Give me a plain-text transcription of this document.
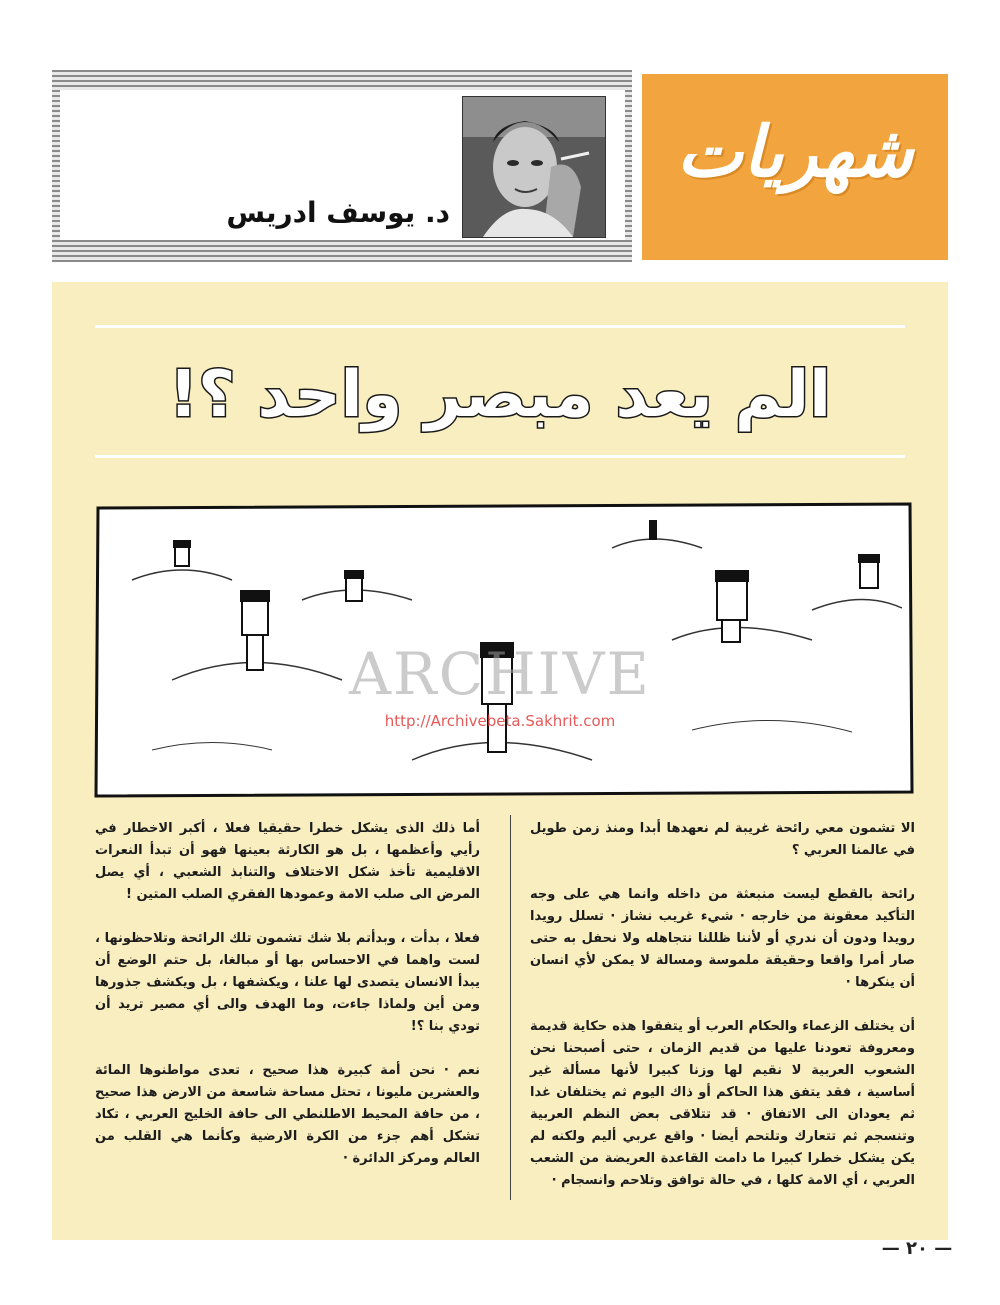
د. يوسف ادريس
شهريات
الم يعد مبصر واحد ؟!
ARCHIVE
http://Archivebeta.Sakhrit.com

الا تشمون معي رائحة غريبة لم نعهدها أبدا ومنذ زمن طويل في عالمنا العربي ؟

رائحة بالقطع ليست منبعثة من داخله وانما هي على وجه التأكيد معقونة من خارجه · شيء غريب نشاز · تسلل رويدا رويدا ودون أن ندري أو لأننا ظللنا نتجاهله ولا نحفل به حتى صار أمرا واقعا وحقيقة ملموسة ومسالة لا يمكن لأي انسان أن ينكرها ·

أن يختلف الزعماء والحكام العرب أو يتفقوا هذه حكاية قديمة ومعروفة تعودنا عليها من قديم الزمان ، حتى أصبحنا نحن الشعوب العربية لا نقيم لها وزنا كبيرا لأنها مسألة غير أساسية ، فقد يتفق هذا الحاكم أو ذاك اليوم ثم يختلفان غدا ثم يعودان الى الاتفاق · قد تتلاقى بعض النظم العربية وتنسجم ثم تتعارك وتلتحم أيضا · واقع عربي أليم ولكنه لم يكن يشكل خطرا كبيرا ما دامت القاعدة العريضة من الشعب العربي ، أي الامة كلها ، في حالة توافق وتلاحم وانسجام ·

أما ذلك الذى يشكل خطرا حقيقيا فعلا ، أكبر الاخطار في رأيي وأعظمها ، بل هو الكارثة بعينها فهو أن تبدأ النعرات الاقليمية تأخذ شكل الاختلاف والتنابذ الشعبي ، أي يصل المرض الى صلب الامة وعمودها الفقري الصلب المتين !

فعلا ، بدأت ، وبدأتم بلا شك تشمون تلك الرائحة وتلاحظونها ، لست واهما في الاحساس بها أو مبالغا، بل حتم الوضع أن يبدأ الانسان يتصدى لها علنا ، ويكشفها ، بل ويكشف جذورها ومن أين ولماذا جاءت، وما الهدف والى أي مصير تريد أن تودي بنا ؟!

نعم · نحن أمة كبيرة هذا صحيح ، تعدى مواطنوها المائة والعشرين مليونا ، تحتل مساحة شاسعة من الارض هذا صحيح ، من حافة المحيط الاطلنطي الى حافة الخليج العربي ، تكاد تشكل أهم جزء من الكرة الارضية وكأنما هي القلب من العالم ومركز الدائرة ·

— ٢٠ —
